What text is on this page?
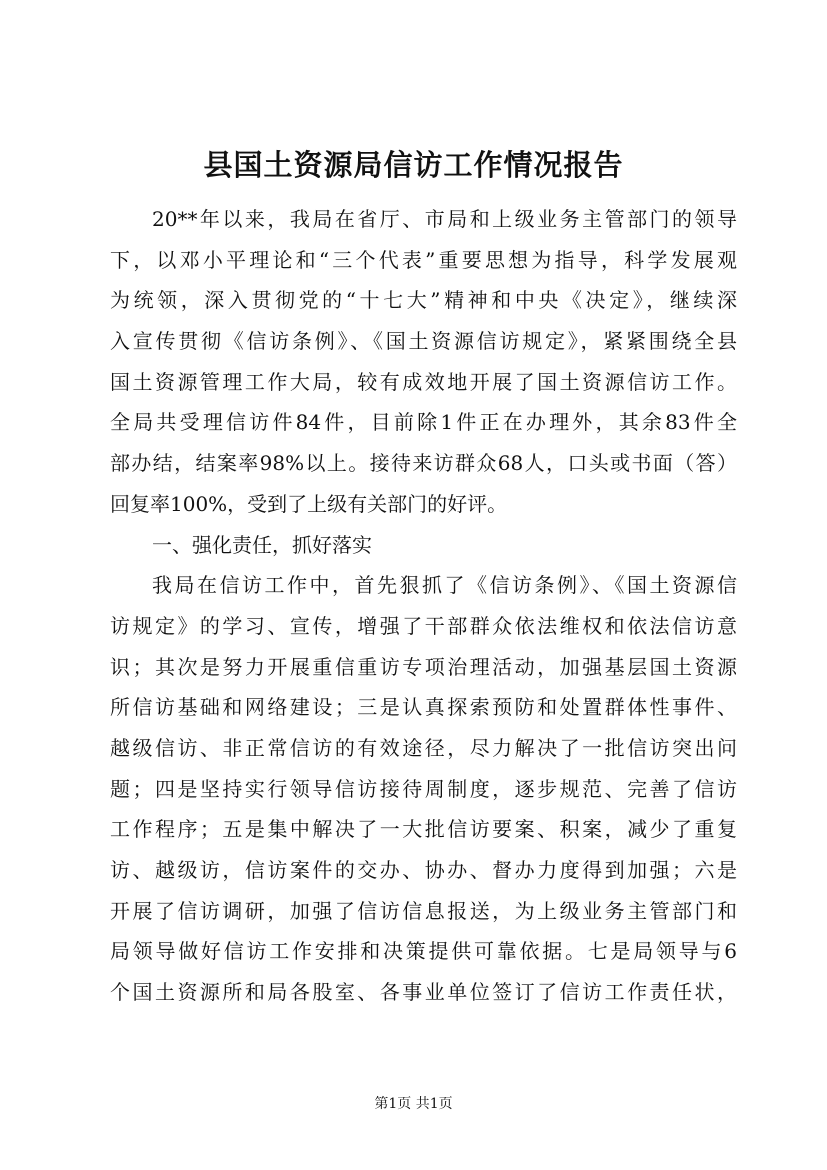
县国土资源局信访工作情况报告
20**年以来，我局在省厅、市局和上级业务主管部门的领导
下，以邓小平理论和“三个代表”重要思想为指导，科学发展观
为统领，深入贯彻党的“十七大”精神和中央《决定》，继续深
入宣传贯彻《信访条例》、《国土资源信访规定》，紧紧围绕全县
国土资源管理工作大局，较有成效地开展了国土资源信访工作。
全局共受理信访件84件，目前除1件正在办理外，其余83件全
部办结，结案率98%以上。接待来访群众68人，口头或书面（答）
回复率100%，受到了上级有关部门的好评。
一、强化责任，抓好落实
我局在信访工作中，首先狠抓了《信访条例》、《国土资源信
访规定》的学习、宣传，增强了干部群众依法维权和依法信访意
识；其次是努力开展重信重访专项治理活动，加强基层国土资源
所信访基础和网络建设；三是认真探索预防和处置群体性事件、
越级信访、非正常信访的有效途径，尽力解决了一批信访突出问
题；四是坚持实行领导信访接待周制度，逐步规范、完善了信访
工作程序；五是集中解决了一大批信访要案、积案，减少了重复
访、越级访，信访案件的交办、协办、督办力度得到加强；六是
开展了信访调研，加强了信访信息报送，为上级业务主管部门和
局领导做好信访工作安排和决策提供可靠依据。七是局领导与6
个国土资源所和局各股室、各事业单位签订了信访工作责任状，
第1页 共1页
